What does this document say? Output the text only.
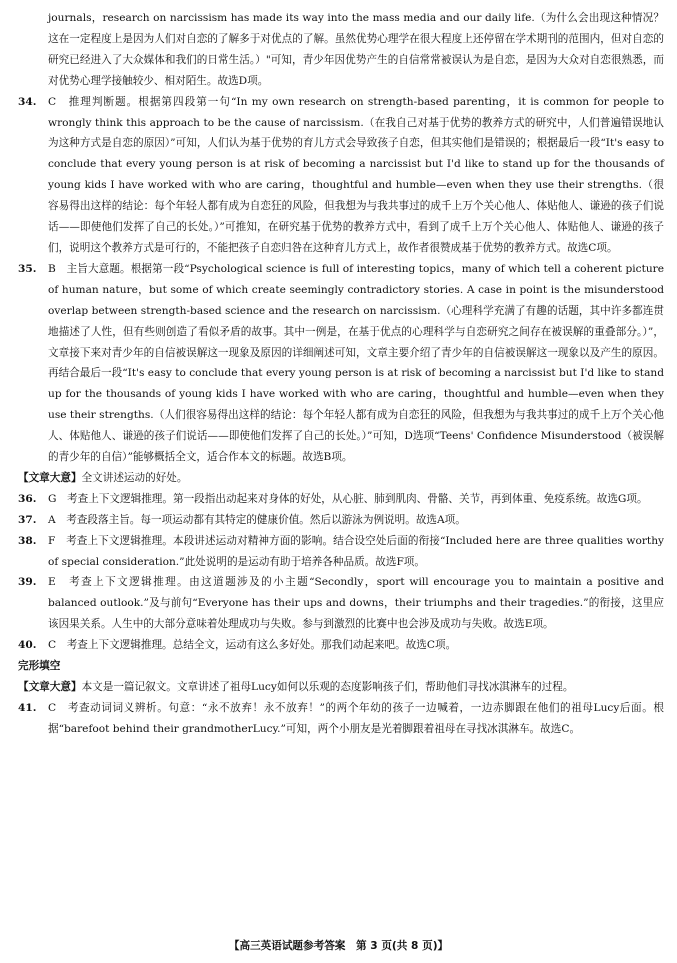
journals，research on narcissism has made its way into the mass media and our daily life.（为什么会出现这种情况？这在一定程度上是因为人们对自恋的了解多于对优点的了解。虽然优势心理学在很大程度上还停留在学术期刊的范围内，但对自恋的研究已经进入了大众媒体和我们的日常生活。）"可知，青少年因优势产生的自信常常被误认为是自恋，是因为大众对自恋很熟悉，而对优势心理学接触较少、相对陌生。故选D项。

34. C　推理判断题。根据第四段第一句“In my own research on strength-based parenting，it is common for people to wrongly think this approach to be the cause of narcissism.（在我自己对基于优势的教养方式的研究中，人们普遍错误地认为这种方式是自恋的原因）”可知，人们认为基于优势的育儿方式会导致孩子自恋，但其实他们是错误的；根据最后一段“It's easy to conclude that every young person is at risk of becoming a narcissist but I'd like to stand up for the thousands of young kids I have worked with who are caring，thoughtful and humble—even when they use their strengths.（很容易得出这样的结论：每个年轻人都有成为自恋狂的风险，但我想为与我共事过的成千上万个关心他人、体贴他人、谦逊的孩子们说话——即使他们发挥了自己的长处。）”可推知，在研究基于优势的教养方式中，看到了成千上万个关心他人、体贴他人、谦逊的孩子们，说明这个教养方式是可行的，不能把孩子自恋归咎在这种育儿方式上，故作者很赞成基于优势的教养方式。故选C项。

35. B　主旨大意题。根据第一段“Psychological science is full of interesting topics，many of which tell a coherent picture of human nature，but some of which create seemingly contradictory stories. A case in point is the misunderstood overlap between strength-based science and the research on narcissism.（心理科学充满了有趣的话题，其中许多都连贯地描述了人性，但有些则创造了看似矛盾的故事。其中一例是，在基于优点的心理科学与自恋研究之间存在被误解的重叠部分。）”，文章接下来对青少年的自信被误解这一现象及原因的详细阐述可知，文章主要介绍了青少年的自信被误解这一现象以及产生的原因。再结合最后一段“It's easy to conclude that every young person is at risk of becoming a narcissist but I'd like to stand up for the thousands of young kids I have worked with who are caring，thoughtful and humble—even when they use their strengths.（人们很容易得出这样的结论：每个年轻人都有成为自恋狂的风险，但我想为与我共事过的成千上万个关心他人、体贴他人、谦逊的孩子们说话——即使他们发挥了自己的长处。）”可知，D选项“Teens' Confidence Misunderstood（被误解的青少年的自信）”能够概括全文，适合作本文的标题。故选B项。

【文章大意】全文讲述运动的好处。

36. G　考查上下文逻辑推理。第一段指出动起来对身体的好处，从心脏、肺到肌肉、骨骼、关节，再到体重、免疫系统。故选G项。

37. A　考查段落主旨。每一项运动都有其特定的健康价值。然后以游泳为例说明。故选A项。

38. F　考查上下文逻辑推理。本段讲述运动对精神方面的影响。结合设空处后面的衔接“Included here are three qualities worthy of special consideration.”此处说明的是运动有助于培养各种品质。故选F项。

39. E　考查上下文逻辑推理。由这道题涉及的小主题“Secondly，sport will encourage you to maintain a positive and balanced outlook.”及与前句“Everyone has their ups and downs，their triumphs and their tragedies.”的衔接，这里应该因果关系。人生中的大部分意味着处理成功与失败。参与到激烈的比赛中也会涉及成功与失败。故选E项。

40. C　考查上下文逻辑推理。总结全文，运动有这么多好处。那我们动起来吧。故选C项。

完形填空

【文章大意】本文是一篇记叙文。文章讲述了祖母Lucy如何以乐观的态度影响孩子们，帮助他们寻找冰淇淋车的过程。

41. C　考查动词词义辨析。句意：“永不放弃！永不放弃！”的两个年幼的孩子一边喊着，一边赤脚跟在他们的祖母Lucy后面。根据“barefoot behind their grandmotherLucy.”可知，两个小朋友是光着脚跟着祖母在寻找冰淇淋车。故选C。

【高三英语试题参考答案　第 3 页(共 8 页)】
